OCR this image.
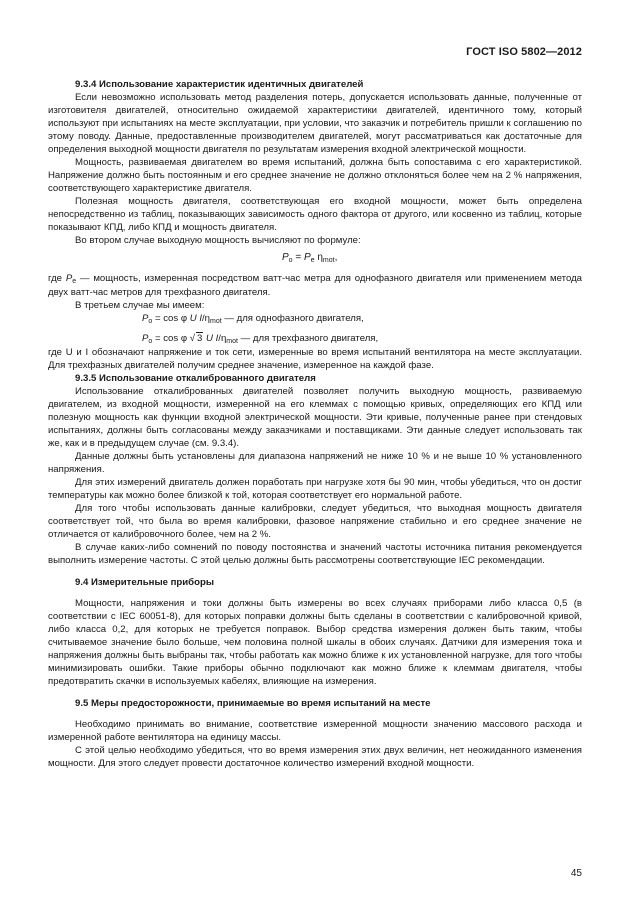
ГОСТ ISO 5802—2012

9.3.4 Использование характеристик идентичных двигателей

Если невозможно использовать метод разделения потерь, допускается использовать данные, полученные от изготовителя двигателей, относительно ожидаемой характеристики двигателей, идентичного тому, который используют при испытаниях на месте эксплуатации, при условии, что заказчик и потребитель пришли к соглашению по этому поводу. Данные, предоставленные производителем двигателей, могут рассматриваться как достаточные для определения выходной мощности двигателя по результатам измерения входной электрической мощности.

Мощность, развиваемая двигателем во время испытаний, должна быть сопоставима с его характеристикой. Напряжение должно быть постоянным и его среднее значение не должно отклоняться более чем на 2 % напряжения, соответствующего характеристике двигателя.

Полезная мощность двигателя, соответствующая его входной мощности, может быть определена непосредственно из таблиц, показывающих зависимость одного фактора от другого, или косвенно из таблиц, которые показывают КПД, либо КПД и мощность двигателя.

Во втором случае выходную мощность вычисляют по формуле:

$P_o = P_e$ $\eta_{mot}$,

где $P_e$ — мощность, измеренная посредством ватт-час метра для однофазного двигателя или применением метода двух ватт-час метров для трехфазного двигателя.

В третьем случае мы имеем:

$P_o = \cos \varphi$ U $I/\eta_{mot}$ — для однофазного двигателя,

$P_o = \cos \varphi$ √ 3 U $I/\eta_{mot}$ — для трехфазного двигателя,

где U и I обозначают напряжение и ток сети, измеренные во время испытаний вентилятора на месте эксплуатации. Для трехфазных двигателей получим среднее значение, измеренное на каждой фазе.

9.3.5 Использование откалиброванного двигателя

Использование откалиброванных двигателей позволяет получить выходную мощность, развиваемую двигателем, из входной мощности, измеренной на его клеммах с помощью кривых, определяющих его КПД или полезную мощность как функции входной электрической мощности. Эти кривые, полученные ранее при стендовых испытаниях, должны быть согласованы между заказчиками и поставщиками. Эти данные следует использовать так же, как и в предыдущем случае (см. 9.3.4).

Данные должны быть установлены для диапазона напряжений не ниже 10 % и не выше 10 % установленного напряжения.

Для этих измерений двигатель должен поработать при нагрузке хотя бы 90 мин, чтобы убедиться, что он достиг температуры как можно более близкой к той, которая соответствует его нормальной работе.

Для того чтобы использовать данные калибровки, следует убедиться, что выходная мощность двигателя соответствует той, что была во время калибровки, фазовое напряжение стабильно и его среднее значение не отличается от калибровочного более, чем на 2 %.

В случае каких-либо сомнений по поводу постоянства и значений частоты источника питания рекомендуется выполнить измерение частоты. С этой целью должны быть рассмотрены соответствующие IEC рекомендации.

9.4 Измерительные приборы

Мощности, напряжения и токи должны быть измерены во всех случаях приборами либо класса 0,5 (в соответствии с IEC 60051-8), для которых поправки должны быть сделаны в соответствии с калибровочной кривой, либо класса 0,2, для которых не требуется поправок. Выбор средства измерения должен быть таким, чтобы считываемое значение было больше, чем половина полной шкалы в обоих случаях. Датчики для измерения тока и напряжения должны быть выбраны так, чтобы работать как можно ближе к их установленной нагрузке, для того чтобы минимизировать ошибки. Такие приборы обычно подключают как можно ближе к клеммам двигателя, чтобы предотвратить скачки в используемых кабелях, влияющие на измерения.

9.5 Меры предосторожности, принимаемые во время испытаний на месте

Необходимо принимать во внимание, соответствие измеренной мощности значению массового расхода и измеренной работе вентилятора на единицу массы.

С этой целью необходимо убедиться, что во время измерения этих двух величин, нет неожиданного изменения мощности. Для этого следует провести достаточное количество измерений входной мощности.

45
